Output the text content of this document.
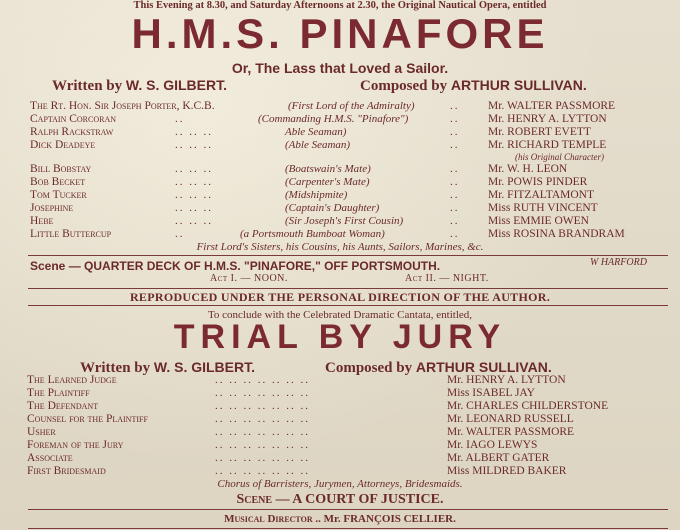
This Evening at 8.30, and Saturday Afternoons at 2.30, the Original Nautical Opera, entitled
H.M.S. PINAFORE
Or, The Lass that Loved a Sailor.
Written by W. S. GILBERT.	Composed by ARTHUR SULLIVAN.
The Rt. Hon. Sir Joseph Porter, K.C.B.	(First Lord of the Admiralty)	.. Mr. WALTER PASSMORE
Captain Corcoran	..	(Commanding H.M.S. "Pinafore")	.. Mr. HENRY A. LYTTON
Ralph Rackstraw	.. .. ..	Able Seaman)	.. Mr. ROBERT EVETT
Dick Deadeye	.. .. ..	(Able Seaman)	.. Mr. RICHARD TEMPLE
(his Original Character)
Bill Bobstay	.. .. ..	(Boatswain's Mate)	.. Mr. W. H. LEON
Bob Becket	.. .. ..	(Carpenter's Mate)	.. Mr. POWIS PINDER
Tom Tucker	.. .. ..	(Midshipmite)	.. Mr. FITZALTAMONT
Josephine	.. .. ..	(Captain's Daughter)	.. Miss RUTH VINCENT
Hebe	.. .. ..	(Sir Joseph's First Cousin)	.. Miss EMMIE OWEN
Little Buttercup	..	(a Portsmouth Bumboat Woman)	.. Miss ROSINA BRANDRAM
First Lord's Sisters, his Cousins, his Aunts, Sailors, Marines, &c.
Scene — QUARTER DECK OF H.M.S. "PINAFORE," OFF PORTSMOUTH.	W HARFORD
Act I. — NOON.	Act II. — NIGHT.
REPRODUCED UNDER THE PERSONAL DIRECTION OF THE AUTHOR.
To conclude with the Celebrated Dramatic Cantata, entitled,
TRIAL BY JURY
Written by W. S. GILBERT.	Composed by ARTHUR SULLIVAN.
The Learned Judge	.. .. .. .. .. .. ..	Mr. HENRY A. LYTTON
The Plaintiff	.. .. .. .. .. .. ..	Miss ISABEL JAY
The Defendant	.. .. .. .. .. .. ..	Mr. CHARLES CHILDERSTONE
Counsel for the Plaintiff	.. .. .. .. .. .. ..	Mr. LEONARD RUSSELL
Usher	.. .. .. .. .. .. ..	Mr. WALTER PASSMORE
Foreman of the Jury	.. .. .. .. .. .. ..	Mr. IAGO LEWYS
Associate	.. .. .. .. .. .. ..	Mr. ALBERT GATER
First Bridesmaid	.. .. .. .. .. .. ..	Miss MILDRED BAKER
Chorus of Barristers, Jurymen, Attorneys, Bridesmaids.
Scene — A COURT OF JUSTICE.
Musical Director .. Mr. FRANÇOIS CELLIER.
